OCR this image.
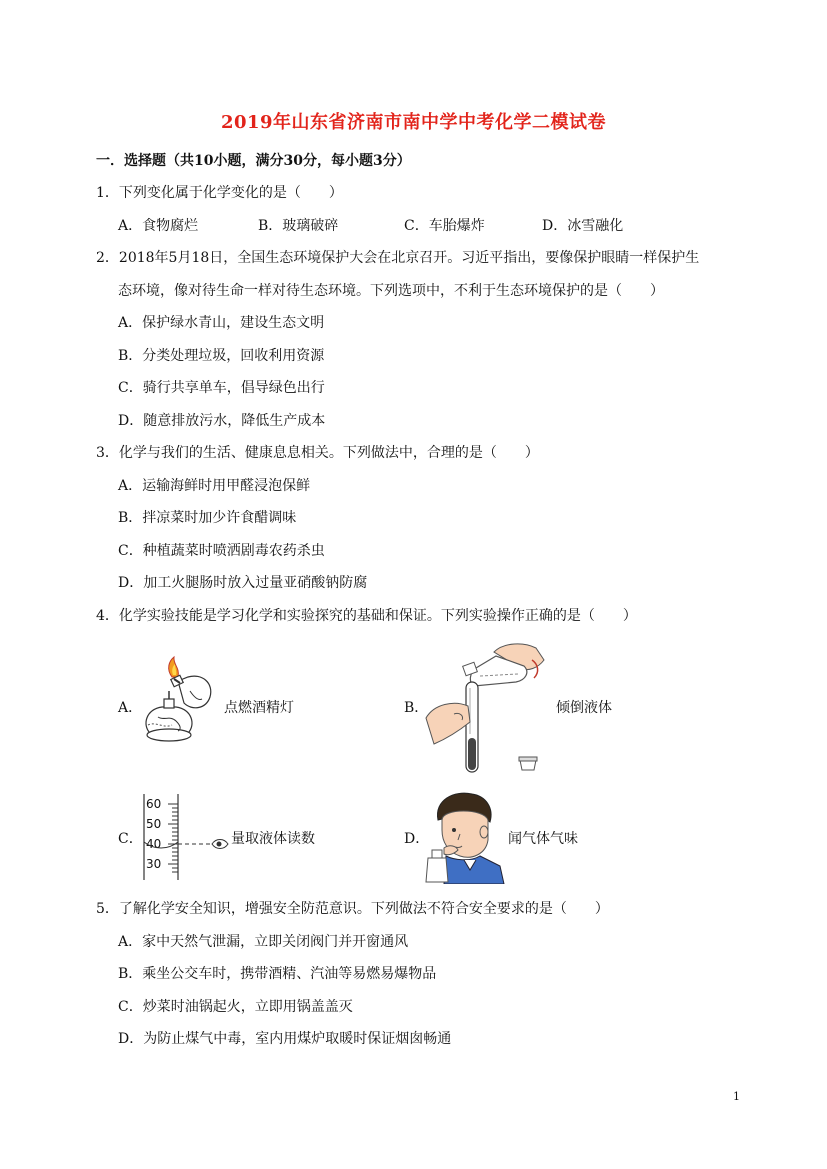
2019年山东省济南市南中学中考化学二模试卷
一．选择题（共10小题，满分30分，每小题3分）
1．下列变化属于化学变化的是（　　）
A．食物腐烂	B．玻璃破碎	C．车胎爆炸	D．冰雪融化
2．2018年5月18日，全国生态环境保护大会在北京召开。习近平指出，要像保护眼睛一样保护生
态环境，像对待生命一样对待生态环境。下列选项中，不利于生态环境保护的是（　　）
A．保护绿水青山，建设生态文明
B．分类处理垃圾，回收利用资源
C．骑行共享单车，倡导绿色出行
D．随意排放污水，降低生产成本
3．化学与我们的生活、健康息息相关。下列做法中，合理的是（　　）
A．运输海鲜时用甲醛浸泡保鲜
B．拌凉菜时加少许食醋调味
C．种植蔬菜时喷洒剧毒农药杀虫
D．加工火腿肠时放入过量亚硝酸钠防腐
4．化学实验技能是学习化学和实验探究的基础和保证。下列实验操作正确的是（　　）
A．	点燃酒精灯	B．	倾倒液体
C．
60
50
40
30
量取液体读数	D．	闻气体气味
5．了解化学安全知识，增强安全防范意识。下列做法不符合安全要求的是（　　）
A．家中天然气泄漏，立即关闭阀门并开窗通风
B．乘坐公交车时，携带酒精、汽油等易燃易爆物品
C．炒菜时油锅起火，立即用锅盖盖灭
D．为防止煤气中毒，室内用煤炉取暖时保证烟囱畅通
1
